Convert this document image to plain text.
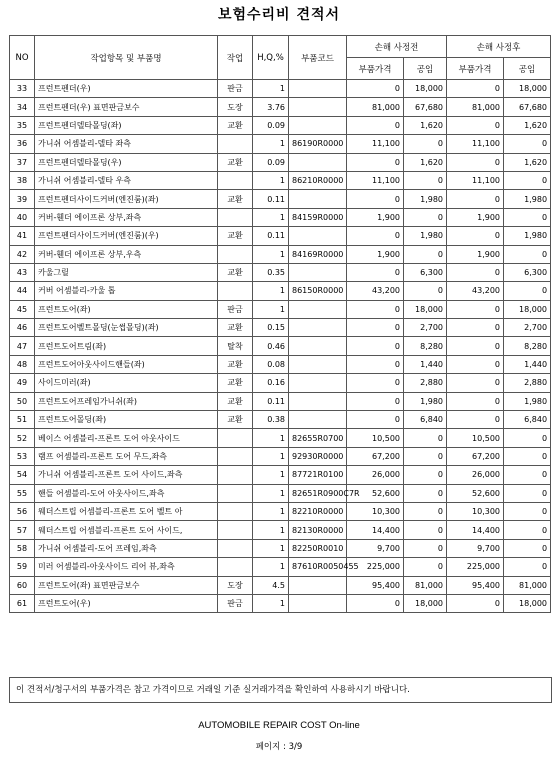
보험수리비 견적서
NO	작업항목 및 부품명	작업	H,Q,%	부품코드	손해 사정전		손해 사정후	
					부품가격	공임	부품가격	공임
33	프런트펜더(우)	판금	1		0	18,000	0	18,000
34	프런트펜더(우) 표면판금보수	도장	3.76		81,000	67,680	81,000	67,680
35	프런트펜더델타몰딩(좌)	교환	0.09		0	1,620	0	1,620
36	가니쉬 어셈블리-델타 좌측		1	86190R0000	11,100	0	11,100	0
37	프런트펜더델타몰딩(우)	교환	0.09		0	1,620	0	1,620
38	가니쉬 어셈블리-델타 우측		1	86210R0000	11,100	0	11,100	0
39	프런트펜더사이드커버(엔진룸)(좌)	교환	0.11		0	1,980	0	1,980
40	커버-휀더 에이프론 상부,좌측		1	84159R0000	1,900	0	1,900	0
41	프런트펜더사이드커버(엔진룸)(우)	교환	0.11		0	1,980	0	1,980
42	커버-휀더 에이프론 상부,우측		1	84169R0000	1,900	0	1,900	0
43	카울그릴	교환	0.35		0	6,300	0	6,300
44	커버 어셈블리-카울 톱		1	86150R0000	43,200	0	43,200	0
45	프런트도어(좌)	판금	1		0	18,000	0	18,000
46	프런트도어벨트몰딩(눈썹몰딩)(좌)	교환	0.15		0	2,700	0	2,700
47	프런트도어트림(좌)	탈착	0.46		0	8,280	0	8,280
48	프런트도어아웃사이드핸들(좌)	교환	0.08		0	1,440	0	1,440
49	사이드미러(좌)	교환	0.16		0	2,880	0	2,880
50	프런트도어프레임가니쉬(좌)	교환	0.11		0	1,980	0	1,980
51	프런트도어몰딩(좌)	교환	0.38		0	6,840	0	6,840
52	베이스 어셈블리-프론트 도어 아웃사이드		1	82655R0700	10,500	0	10,500	0
53	램프 어셈블리-프론트 도어 무드,좌측		1	92930R0000	67,200	0	67,200	0
54	가니쉬 어셈블리-프론트 도어 사이드,좌측		1	87721R0100	26,000	0	26,000	0
55	핸들 어셈블리-도어 아웃사이드,좌측		1	82651R0900C7R	52,600	0	52,600	0
56	웨더스트립 어셈블리-프론트 도어 벨트 아		1	82210R0000	10,300	0	10,300	0
57	웨더스트립 어셈블리-프론트 도어 사이드,		1	82130R0000	14,400	0	14,400	0
58	가니쉬 어셈블리-도어 프레임,좌측		1	82250R0010	9,700	0	9,700	0
59	미러 어셈블리-아웃사이드 리어 뷰,좌측		1	87610R0050455	225,000	0	225,000	0
60	프런트도어(좌) 표면판금보수	도장	4.5		95,400	81,000	95,400	81,000
61	프런트도어(우)	판금	1		0	18,000	0	18,000
이 견적서/청구서의 부품가격은 참고 가격이므로 거래일 기준 실거래가격을 확인하여 사용하시기 바랍니다.
AUTOMOBILE REPAIR COST On-line
페이지 : 3/9
